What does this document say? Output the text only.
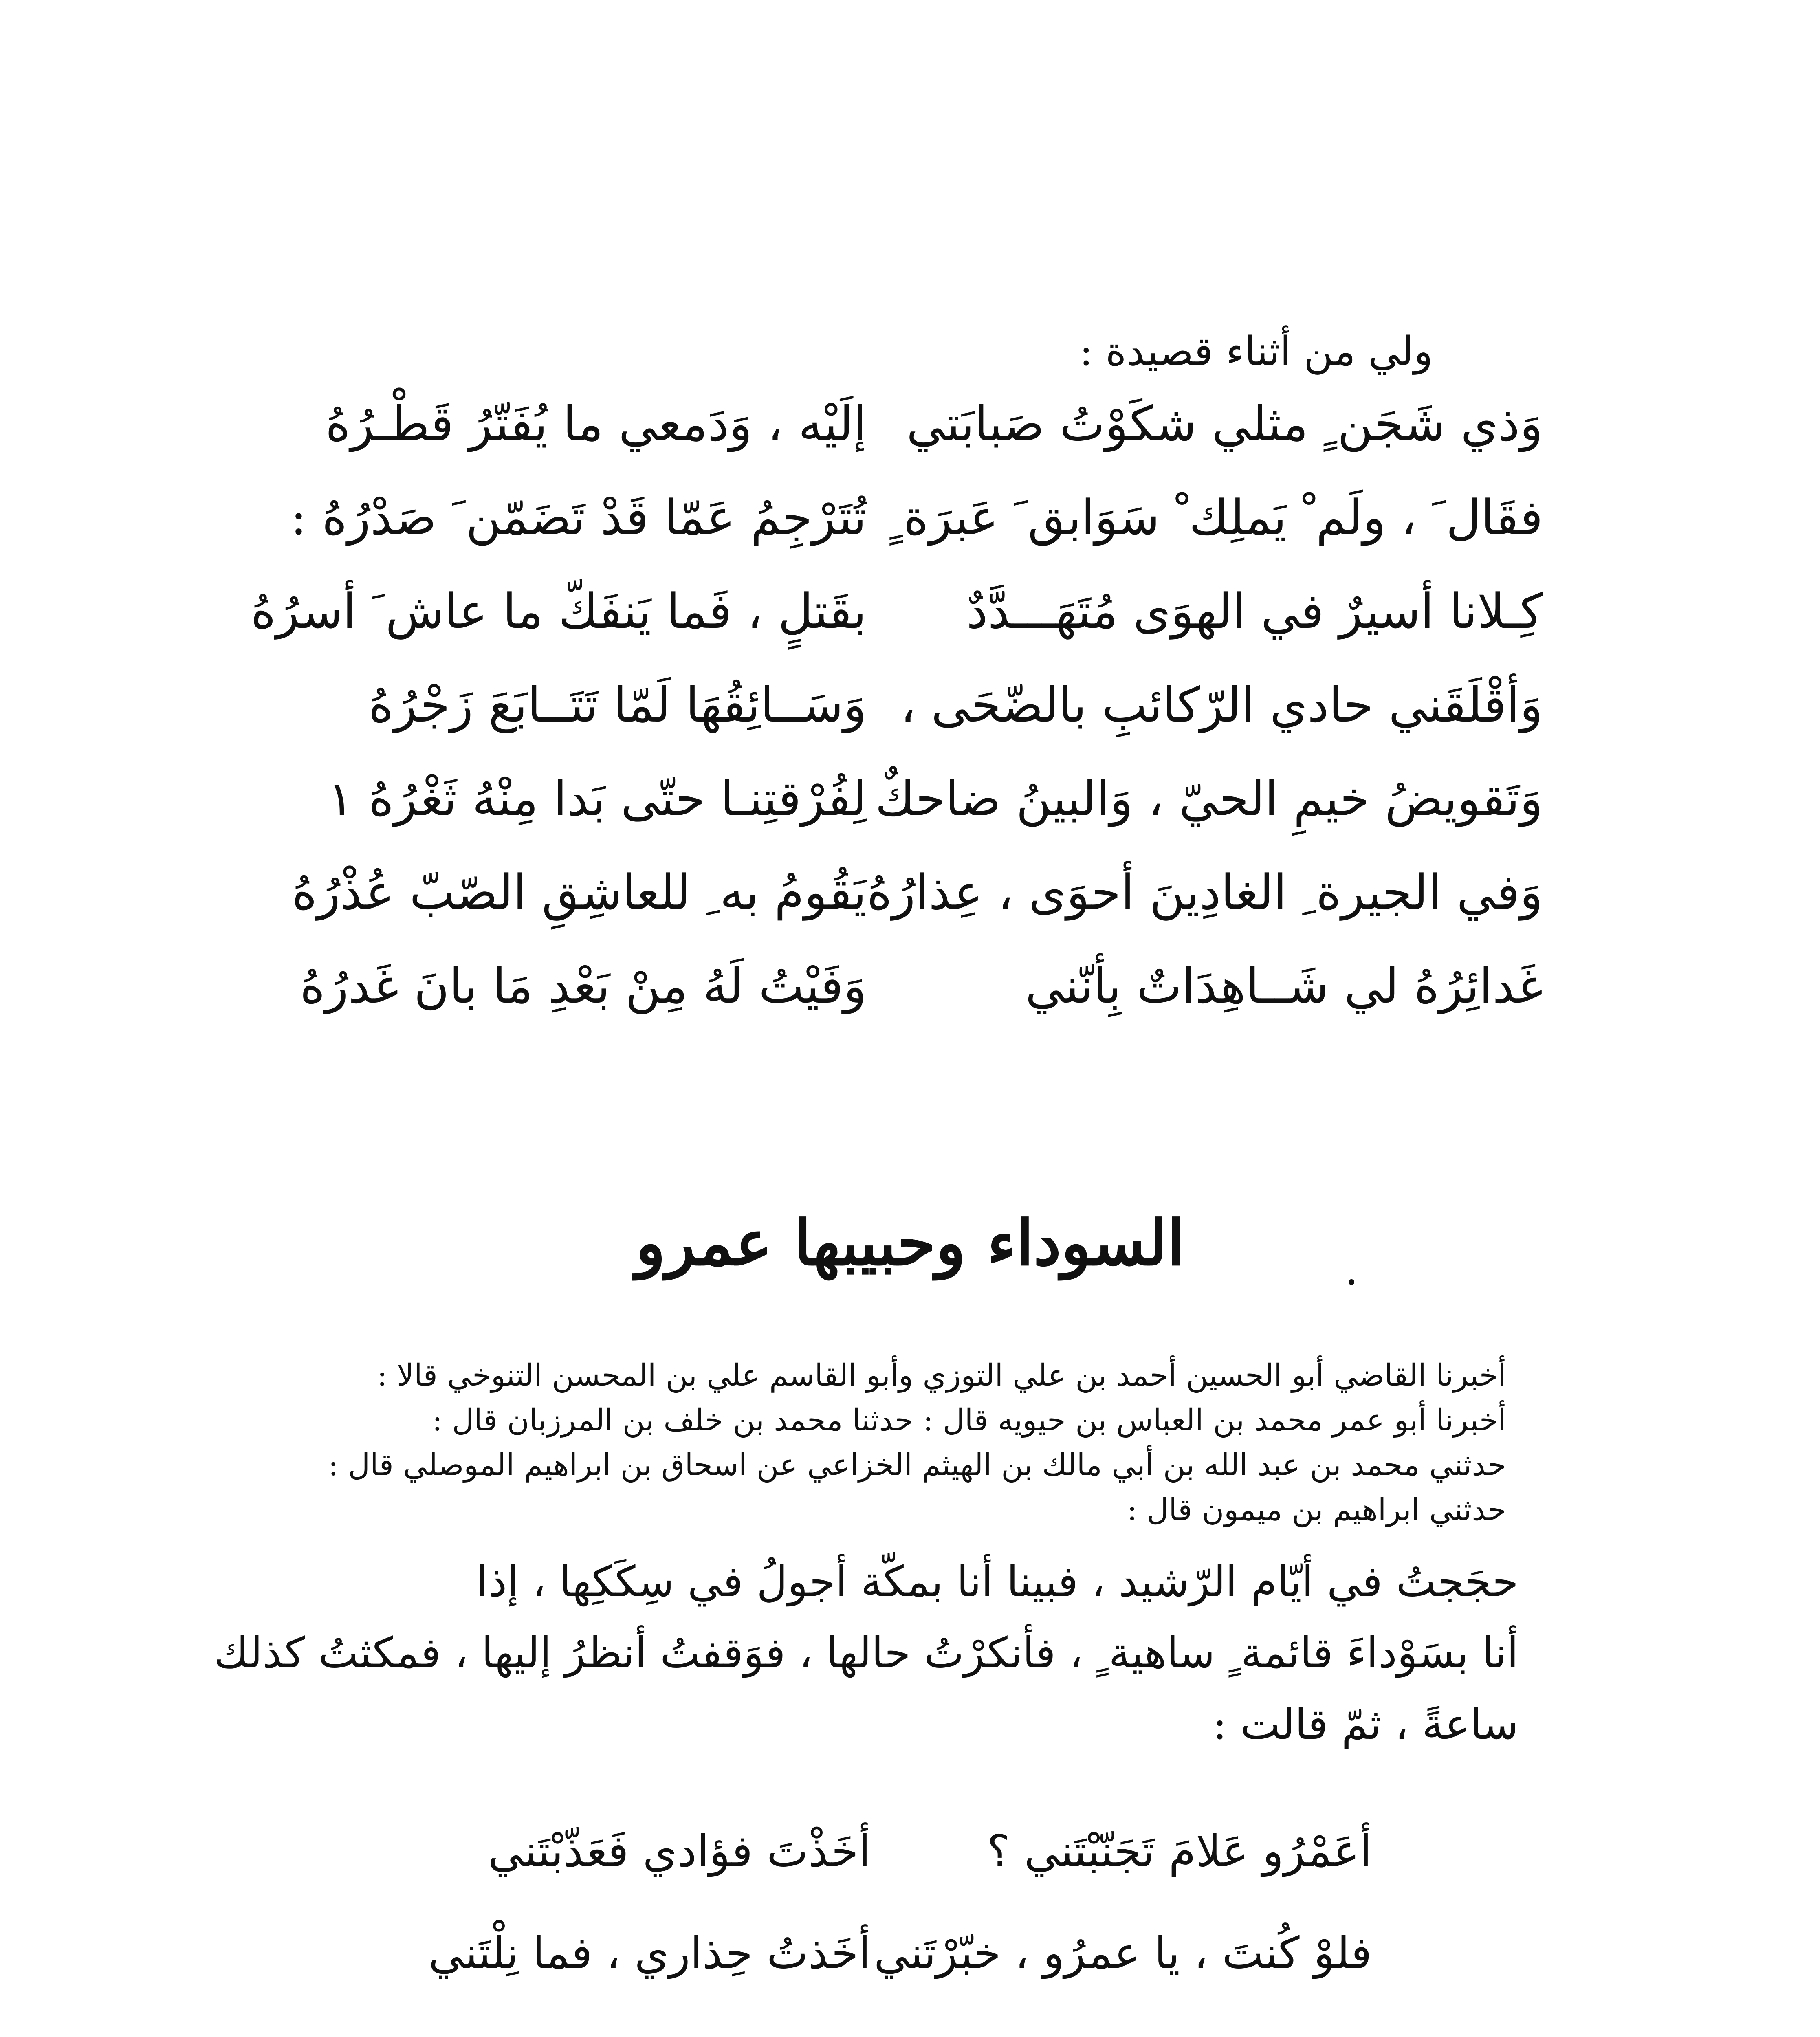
ولي من أثناء قصيدة :
وَذي شَجَن ٍ مثلي شكَوْتُ صَبابَتي
إلَيْه ، وَدَمعي ما يُفَتّرُ قَطْـرُهُ
فقَال َ ، ولَم ْ يَملِك ْ سَوَابق َ عَبرَة ٍ
تُتَرْجِمُ عَمّا قَدْ تَضَمّن َ صَدْرُهُ :
كِـلانا أسيرٌ في الهوَى مُتَهَـــدَّدٌ
بقَتلٍ ، فَما يَنفَكّ ما عاش َ أسرُهُ
وَأقْلَقَني حادي الرّكائبِ بالضّحَى ،
وَسَــائِقُهَا لَمّا تَتَــابَعَ زَجْرُهُ
وَتَقويضُ خيمِ الحيّ ، وَالبينُ ضاحكٌ
لِفُرْقتِنـا حتّى بَدا مِنْهُ ثَغْرُهُ ١
وَفي الجيرة ِ الغادِينَ أحوَى ، عِذارُهُ
يَقُومُ به ِ للعاشِقِ الصّبّ عُذْرُهُ
غَدائِرُهُ لي شَــاهِدَاتٌ بِأنّني
وَفَيْتُ لَهُ مِنْ بَعْدِ مَا بانَ غَدرُهُ
السوداء وحبيبها عمرو
أخبرنا القاضي أبو الحسين أحمد بن علي التوزي وأبو القاسم علي بن المحسن التنوخي قالا :
أخبرنا أبو عمر محمد بن العباس بن حيويه قال : حدثنا محمد بن خلف بن المرزبان قال :
حدثني محمد بن عبد الله بن أبي مالك بن الهيثم الخزاعي عن اسحاق بن ابراهيم الموصلي قال :
حدثني ابراهيم بن ميمون قال :
حجَجتُ في أيّام الرّشيد ، فبينا أنا بمكّة أجولُ في سِكَكِها ، إذا
أنا بسَوْداءَ قائمة ٍ ساهية ٍ ، فأنكرْتُ حالها ، فوَقفتُ أنظرُ إليها ، فمكثتُ كذلك
ساعةً ، ثمّ قالت :
أعَمْرُو عَلامَ تَجَنّبْتَني ؟
أخَذْتَ فؤادي فَعَذّبْتَني
فلوْ كُنتَ ، يا عمرُو ، خبّرْتَني
أخَذتُ حِذاري ، فما نِلْتَني
